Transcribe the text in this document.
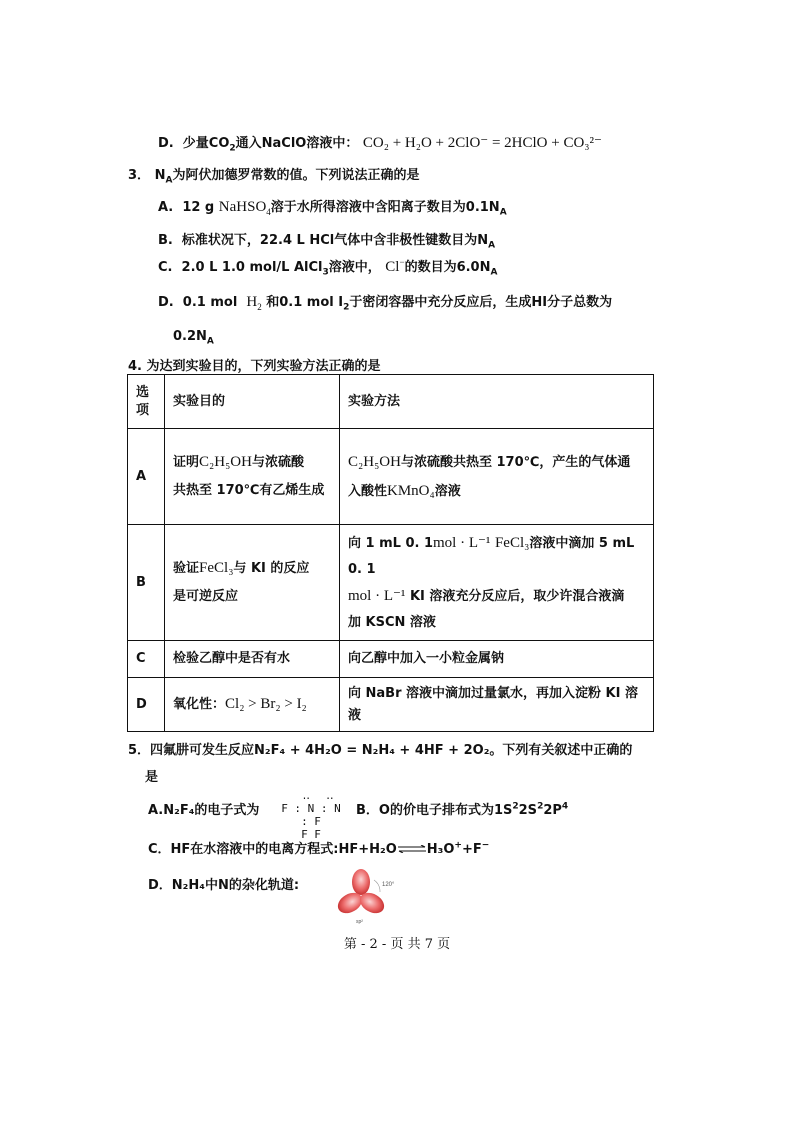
D. 少量$CO_2$通入NaClO溶液中： CO₂ + H₂O + 2ClO⁻ = 2HClO + CO₃²⁻
3． $N_A$为阿伏加德罗常数的值。下列说法正确的是
A. 12 g NaHSO$_4$溶于水所得溶液中含阳离子数目为$0.1N_A$
B. 标准状况下，22.4 L HCl气体中含非极性键数目为$N_A$
C. 2.0 L 1.0 mol/L AlCl$_3$溶液中， Cl−的数目为$6.0N_A$
D. 0.1 mol $H_2$ 和0.1 mol $I_2$于密闭容器中充分反应后，生成HI分子总数为
$0.2N_A$
4. 为达到实验目的，下列实验方法正确的是
选项	实验目的	实验方法
A	证明C₂H₅OH与浓硫酸
共热至 170℃有乙烯生成	C₂H₅OH与浓硫酸共热至 170℃，产生的气体通
入酸性KMnO₄溶液
B	验证FeCl₃与 KI 的反应
是可逆反应	向 1 mL 0. 1mol · L⁻¹ FeCl₃溶液中滴加 5 mL 0. 1
mol · L⁻¹ KI 溶液充分反应后，取少许混合液滴
加 KSCN 溶液
C	检验乙醇中是否有水	向乙醇中加入一小粒金属钠
D	氧化性：Cl₂ > Br₂ > I₂	向 NaBr 溶液中滴加过量氯水，再加入淀粉 KI 溶
液
5．四氟肼可发生反应N₂F₄ + 4H₂O = N₂H₄ + 4HF + 2O₂。下列有关叙述中正确的
是
A.N₂F₄的电子式为
‥  ‥
F : N : N : F
F F
B．O的价电子排布式为$1S^22S^22P^4$
C．HF在水溶液中的电离方程式:HF+H₂O⇌H₃O++F−
D．N₂H₄中N的杂化轨道:	120°
sp²
第 - 2 - 页 共 7 页
